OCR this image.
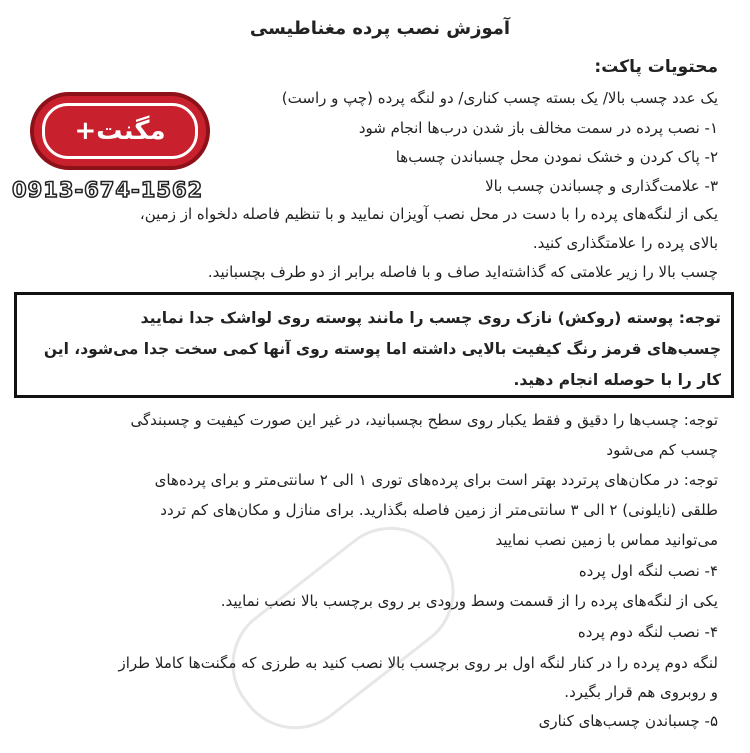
آموزش نصب پرده مغناطیسی
مگنت+
0913-674-1562
محتویات پاکت:
یک عدد چسب بالا/ یک بسته چسب کناری/ دو لنگه پرده (چپ و راست)
۱- نصب پرده در سمت مخالف باز شدن درب‌ها انجام شود
۲- پاک کردن و خشک نمودن محل چسباندن چسب‌ها
۳- علامت‌گذاری و چسباندن چسب بالا
یکی از لنگه‌های پرده را با دست در محل نصب آویزان نمایید و با تنظیم فاصله دلخواه از زمین،
بالای پرده را علامتگذاری کنید.
چسب بالا را زیر علامتی که گذاشته‌اید صاف و با فاصله برابر از دو طرف بچسبانید.
توجه: پوسته (روکش) نازک روی چسب را مانند پوسته روی لواشک جدا نمایید
چسب‌های قرمز رنگ کیفیت بالایی داشته اما پوسته روی آنها کمی سخت جدا می‌شود، این
کار را با حوصله انجام دهید.
توجه: چسب‌ها را دقیق و فقط یکبار روی سطح بچسبانید، در غیر این صورت کیفیت و چسبندگی
چسب کم می‌شود
توجه: در مکان‌های پرتردد بهتر است برای پرده‌های توری ۱ الی ۲ سانتی‌متر و برای پرده‌های
طلقی (نایلونی) ۲ الی ۳ سانتی‌متر از زمین فاصله بگذارید. برای منازل و مکان‌های کم تردد
می‌توانید مماس با زمین نصب نمایید
۴- نصب لنگه اول پرده
یکی از لنگه‌های پرده را از قسمت وسط ورودی بر روی برچسب بالا نصب نمایید.
۴- نصب لنگه دوم پرده
لنگه دوم پرده را در کنار لنگه اول بر روی برچسب بالا نصب کنید به طرزی که مگنت‌ها کاملا طراز
و روبروی هم قرار بگیرد.
۵- چسباندن چسب‌های کناری
